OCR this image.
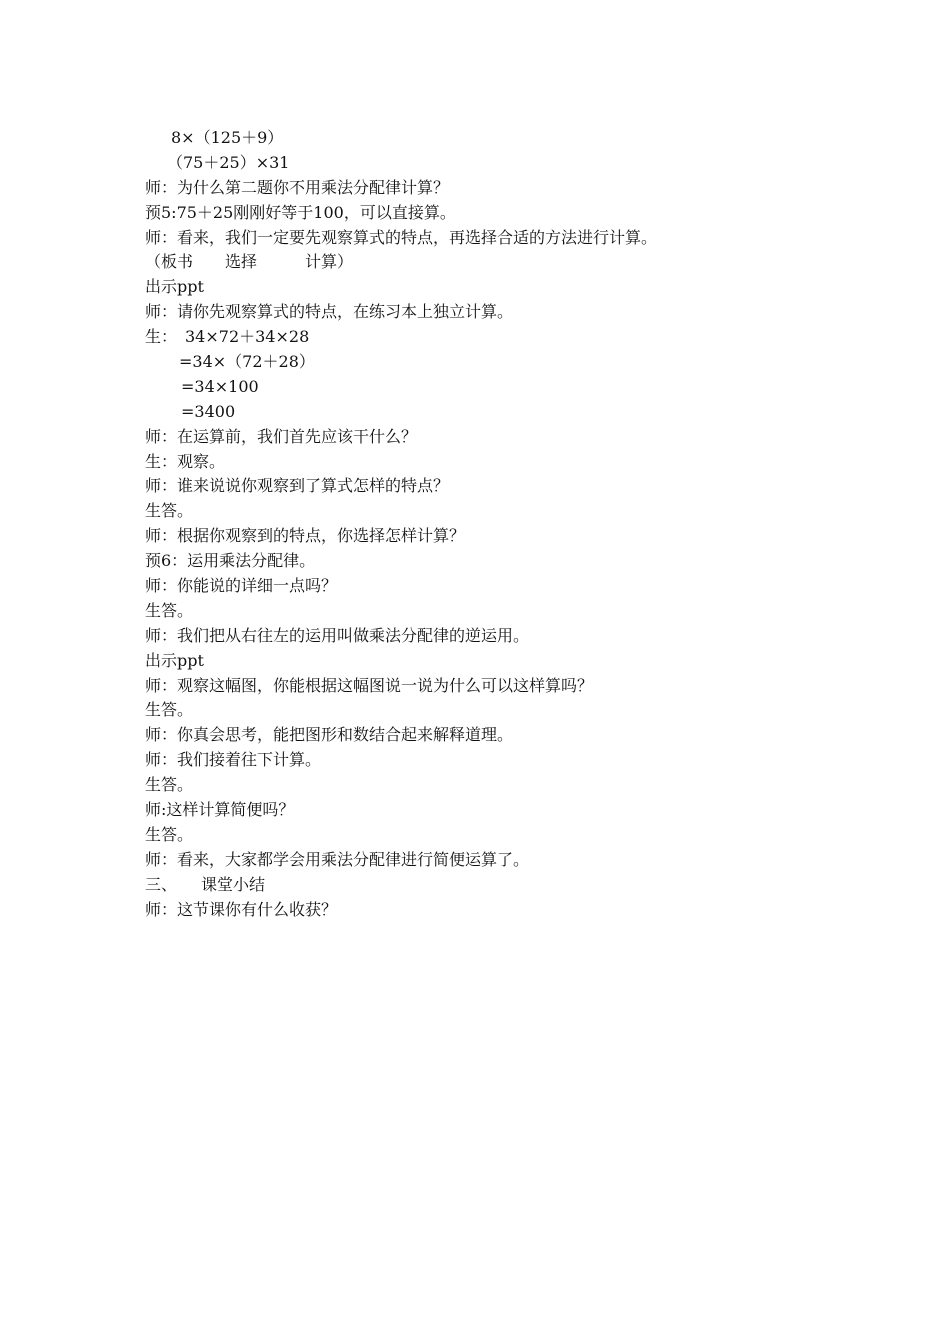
8×（125＋9）
（75＋25）×31
师：为什么第二题你不用乘法分配律计算？
预5:75＋25刚刚好等于100，可以直接算。
师：看来，我们一定要先观察算式的特点，再选择合适的方法进行计算。
（板书　　选择　　　计算）
出示ppt
师：请你先观察算式的特点，在练习本上独立计算。
生：　34×72＋34×28
=34×（72＋28）
=34×100
=3400
师：在运算前，我们首先应该干什么？
生：观察。
师：谁来说说你观察到了算式怎样的特点？
生答。
师：根据你观察到的特点，你选择怎样计算？
预6：运用乘法分配律。
师：你能说的详细一点吗？
生答。
师：我们把从右往左的运用叫做乘法分配律的逆运用。
出示ppt
师：观察这幅图，你能根据这幅图说一说为什么可以这样算吗？
生答。
师：你真会思考，能把图形和数结合起来解释道理。
师：我们接着往下计算。
生答。
师:这样计算简便吗？
生答。
师：看来，大家都学会用乘法分配律进行简便运算了。
三、　　课堂小结
师：这节课你有什么收获？
